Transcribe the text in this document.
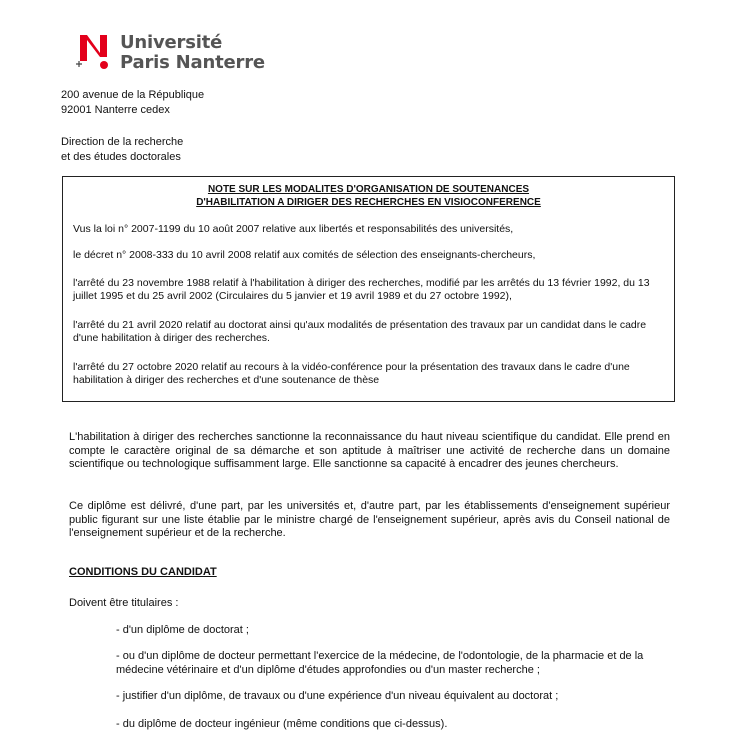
Université
Paris Nanterre
200 avenue de la République
92001 Nanterre cedex
Direction de la recherche
et des études doctorales
NOTE SUR LES MODALITES D'ORGANISATION DE SOUTENANCES
D'HABILITATION A DIRIGER DES RECHERCHES EN VISIOCONFERENCE
Vus la loi n° 2007-1199 du 10 août 2007 relative aux libertés et responsabilités des universités,
le décret n° 2008-333 du 10 avril 2008 relatif aux comités de sélection des enseignants-chercheurs,
l'arrêté du 23 novembre 1988 relatif à l'habilitation à diriger des recherches, modifié par les arrêtés du 13 février 1992, du 13 juillet 1995 et du 25 avril 2002 (Circulaires du 5 janvier et 19 avril 1989 et du 27 octobre 1992),
l'arrêté du 21 avril 2020 relatif au doctorat ainsi qu'aux modalités de présentation des travaux par un candidat dans le cadre d'une habilitation à diriger des recherches.
l'arrêté du 27 octobre 2020 relatif au recours à la vidéo-conférence pour la présentation des travaux dans le cadre d'une habilitation à diriger des recherches et d'une soutenance de thèse
L'habilitation à diriger des recherches sanctionne la reconnaissance du haut niveau scientifique du candidat. Elle prend en compte le caractère original de sa démarche et son aptitude à maîtriser une activité de recherche dans un domaine scientifique ou technologique suffisamment large. Elle sanctionne sa capacité à encadrer des jeunes chercheurs.
Ce diplôme est délivré, d'une part, par les universités et, d'autre part, par les établissements d'enseignement supérieur public figurant sur une liste établie par le ministre chargé de l'enseignement supérieur, après avis du Conseil national de l'enseignement supérieur et de la recherche.
CONDITIONS DU CANDIDAT
Doivent être titulaires :
- d'un diplôme de doctorat ;
- ou d'un diplôme de docteur permettant l'exercice de la médecine, de l'odontologie, de la pharmacie et de la médecine vétérinaire et d'un diplôme d'études approfondies ou d'un master recherche ;
- justifier d'un diplôme, de travaux ou d'une expérience d'un niveau équivalent au doctorat ;
- du diplôme de docteur ingénieur (même conditions que ci-dessus).
